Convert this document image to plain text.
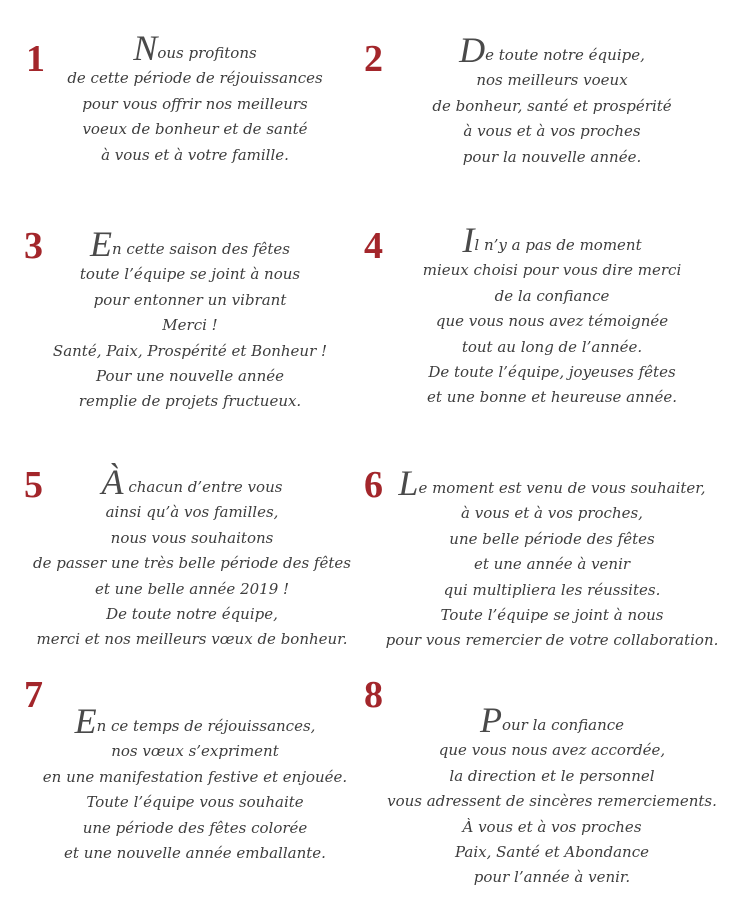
1	Nous profitons
de cette période de réjouissances
pour vous offrir nos meilleurs
voeux de bonheur et de santé
à vous et à votre famille.
2	De toute notre équipe,
nos meilleurs voeux
de bonheur, santé et prospérité
à vous et à vos proches
pour la nouvelle année.
3	En cette saison des fêtes
toute l’équipe se joint à nous
pour entonner un vibrant
Merci !
Santé, Paix, Prospérité et Bonheur !
Pour une nouvelle année
remplie de projets fructueux.
4	Il n’y a pas de moment
mieux choisi pour vous dire merci
de la confiance
que vous nous avez témoignée
tout au long de l’année.
De toute l’équipe, joyeuses fêtes
et une bonne et heureuse année.
5	À chacun d’entre vous
ainsi qu’à vos familles,
nous vous souhaitons
de passer une très belle période des fêtes
et une belle année 2019 !
De toute notre équipe,
merci et nos meilleurs vœux de bonheur.
6 Le moment est venu de vous souhaiter,
à vous et à vos proches,
une belle période des fêtes
et une année à venir
qui multipliera les réussites.
Toute l’équipe se joint à nous
pour vous remercier de votre collaboration.
7
En ce temps de réjouissances,
nos vœux s’expriment
en une manifestation festive et enjouée.
Toute l’équipe vous souhaite
une période des fêtes colorée
et une nouvelle année emballante.
8
Pour la confiance
que vous nous avez accordée,
la direction et le personnel
vous adressent de sincères remerciements.
À vous et à vos proches
Paix, Santé et Abondance
pour l’année à venir.
